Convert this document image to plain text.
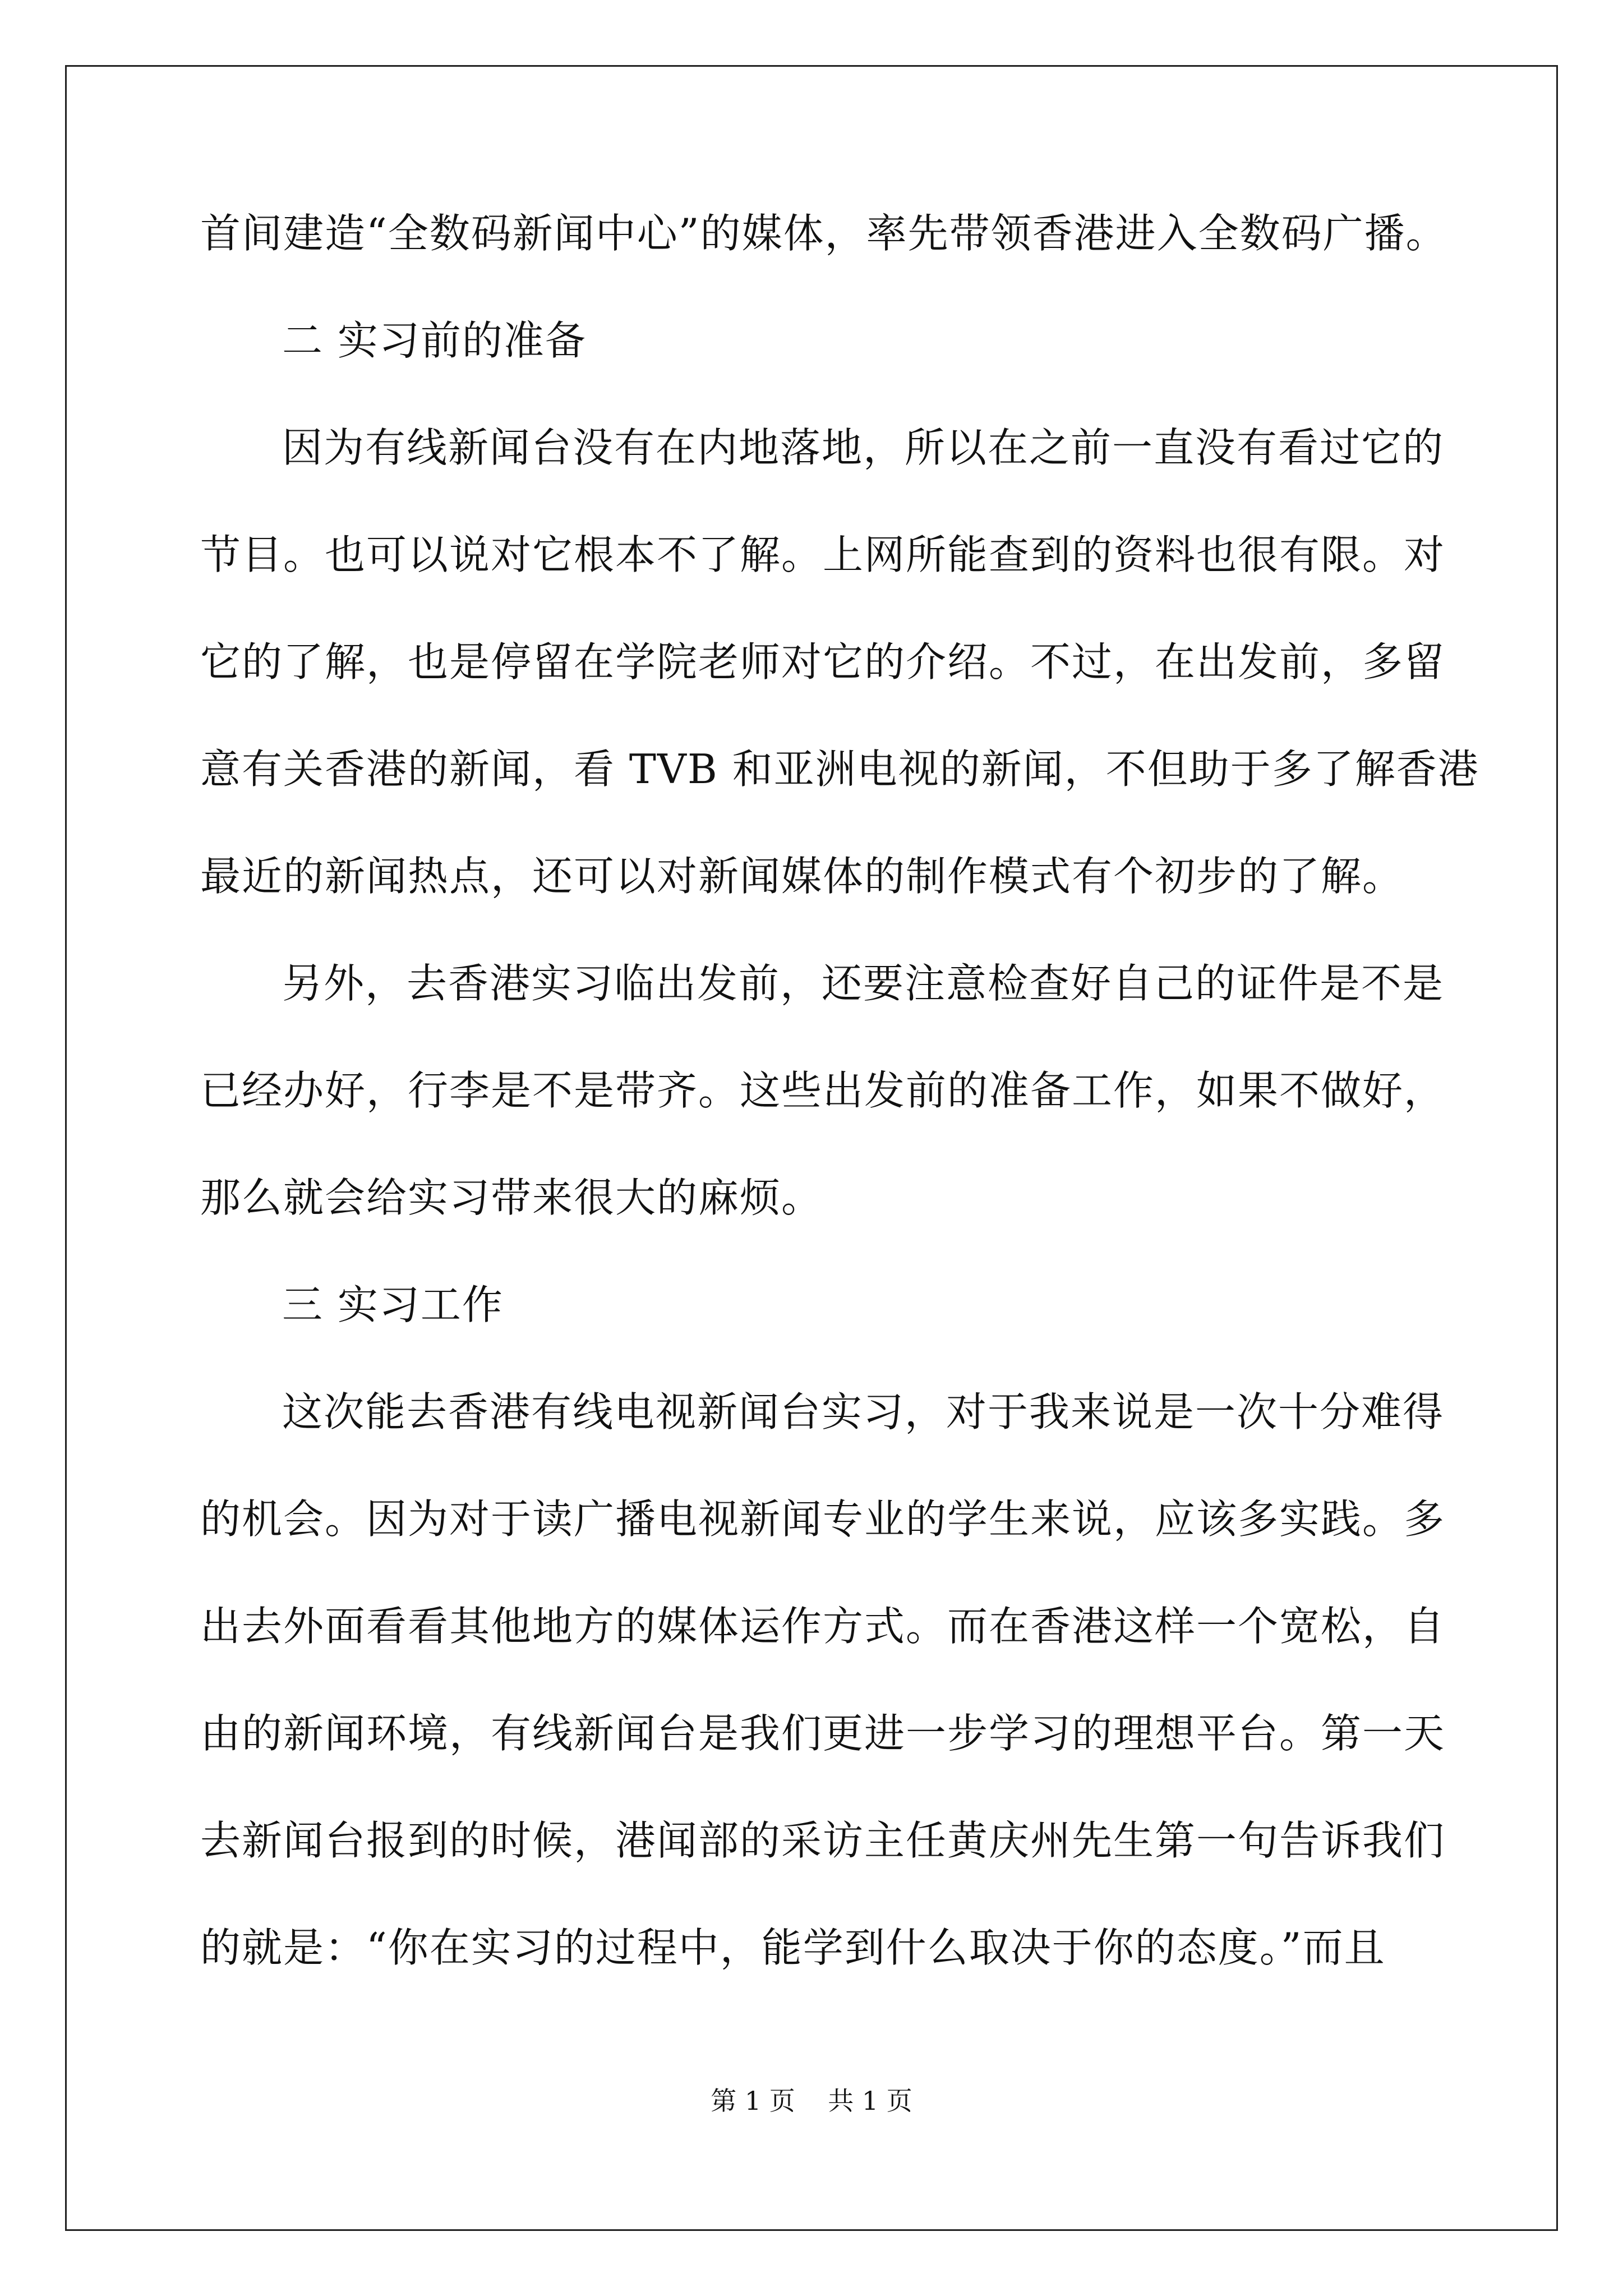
首间建造“全数码新闻中心”的媒体，率先带领香港进入全数码广播。
二 实习前的准备
因为有线新闻台没有在内地落地，所以在之前一直没有看过它的
节目。也可以说对它根本不了解。上网所能查到的资料也很有限。对
它的了解，也是停留在学院老师对它的介绍。不过，在出发前，多留
意有关香港的新闻，看 TVB 和亚洲电视的新闻，不但助于多了解香港
最近的新闻热点，还可以对新闻媒体的制作模式有个初步的了解。
另外，去香港实习临出发前，还要注意检查好自己的证件是不是
已经办好，行李是不是带齐。这些出发前的准备工作，如果不做好，
那么就会给实习带来很大的麻烦。
三 实习工作
这次能去香港有线电视新闻台实习，对于我来说是一次十分难得
的机会。因为对于读广播电视新闻专业的学生来说，应该多实践。多
出去外面看看其他地方的媒体运作方式。而在香港这样一个宽松，自
由的新闻环境，有线新闻台是我们更进一步学习的理想平台。第一天
去新闻台报到的时候，港闻部的采访主任黄庆州先生第一句告诉我们
的就是：“你在实习的过程中，能学到什么取决于你的态度。”而且
第 1 页    共 1 页
